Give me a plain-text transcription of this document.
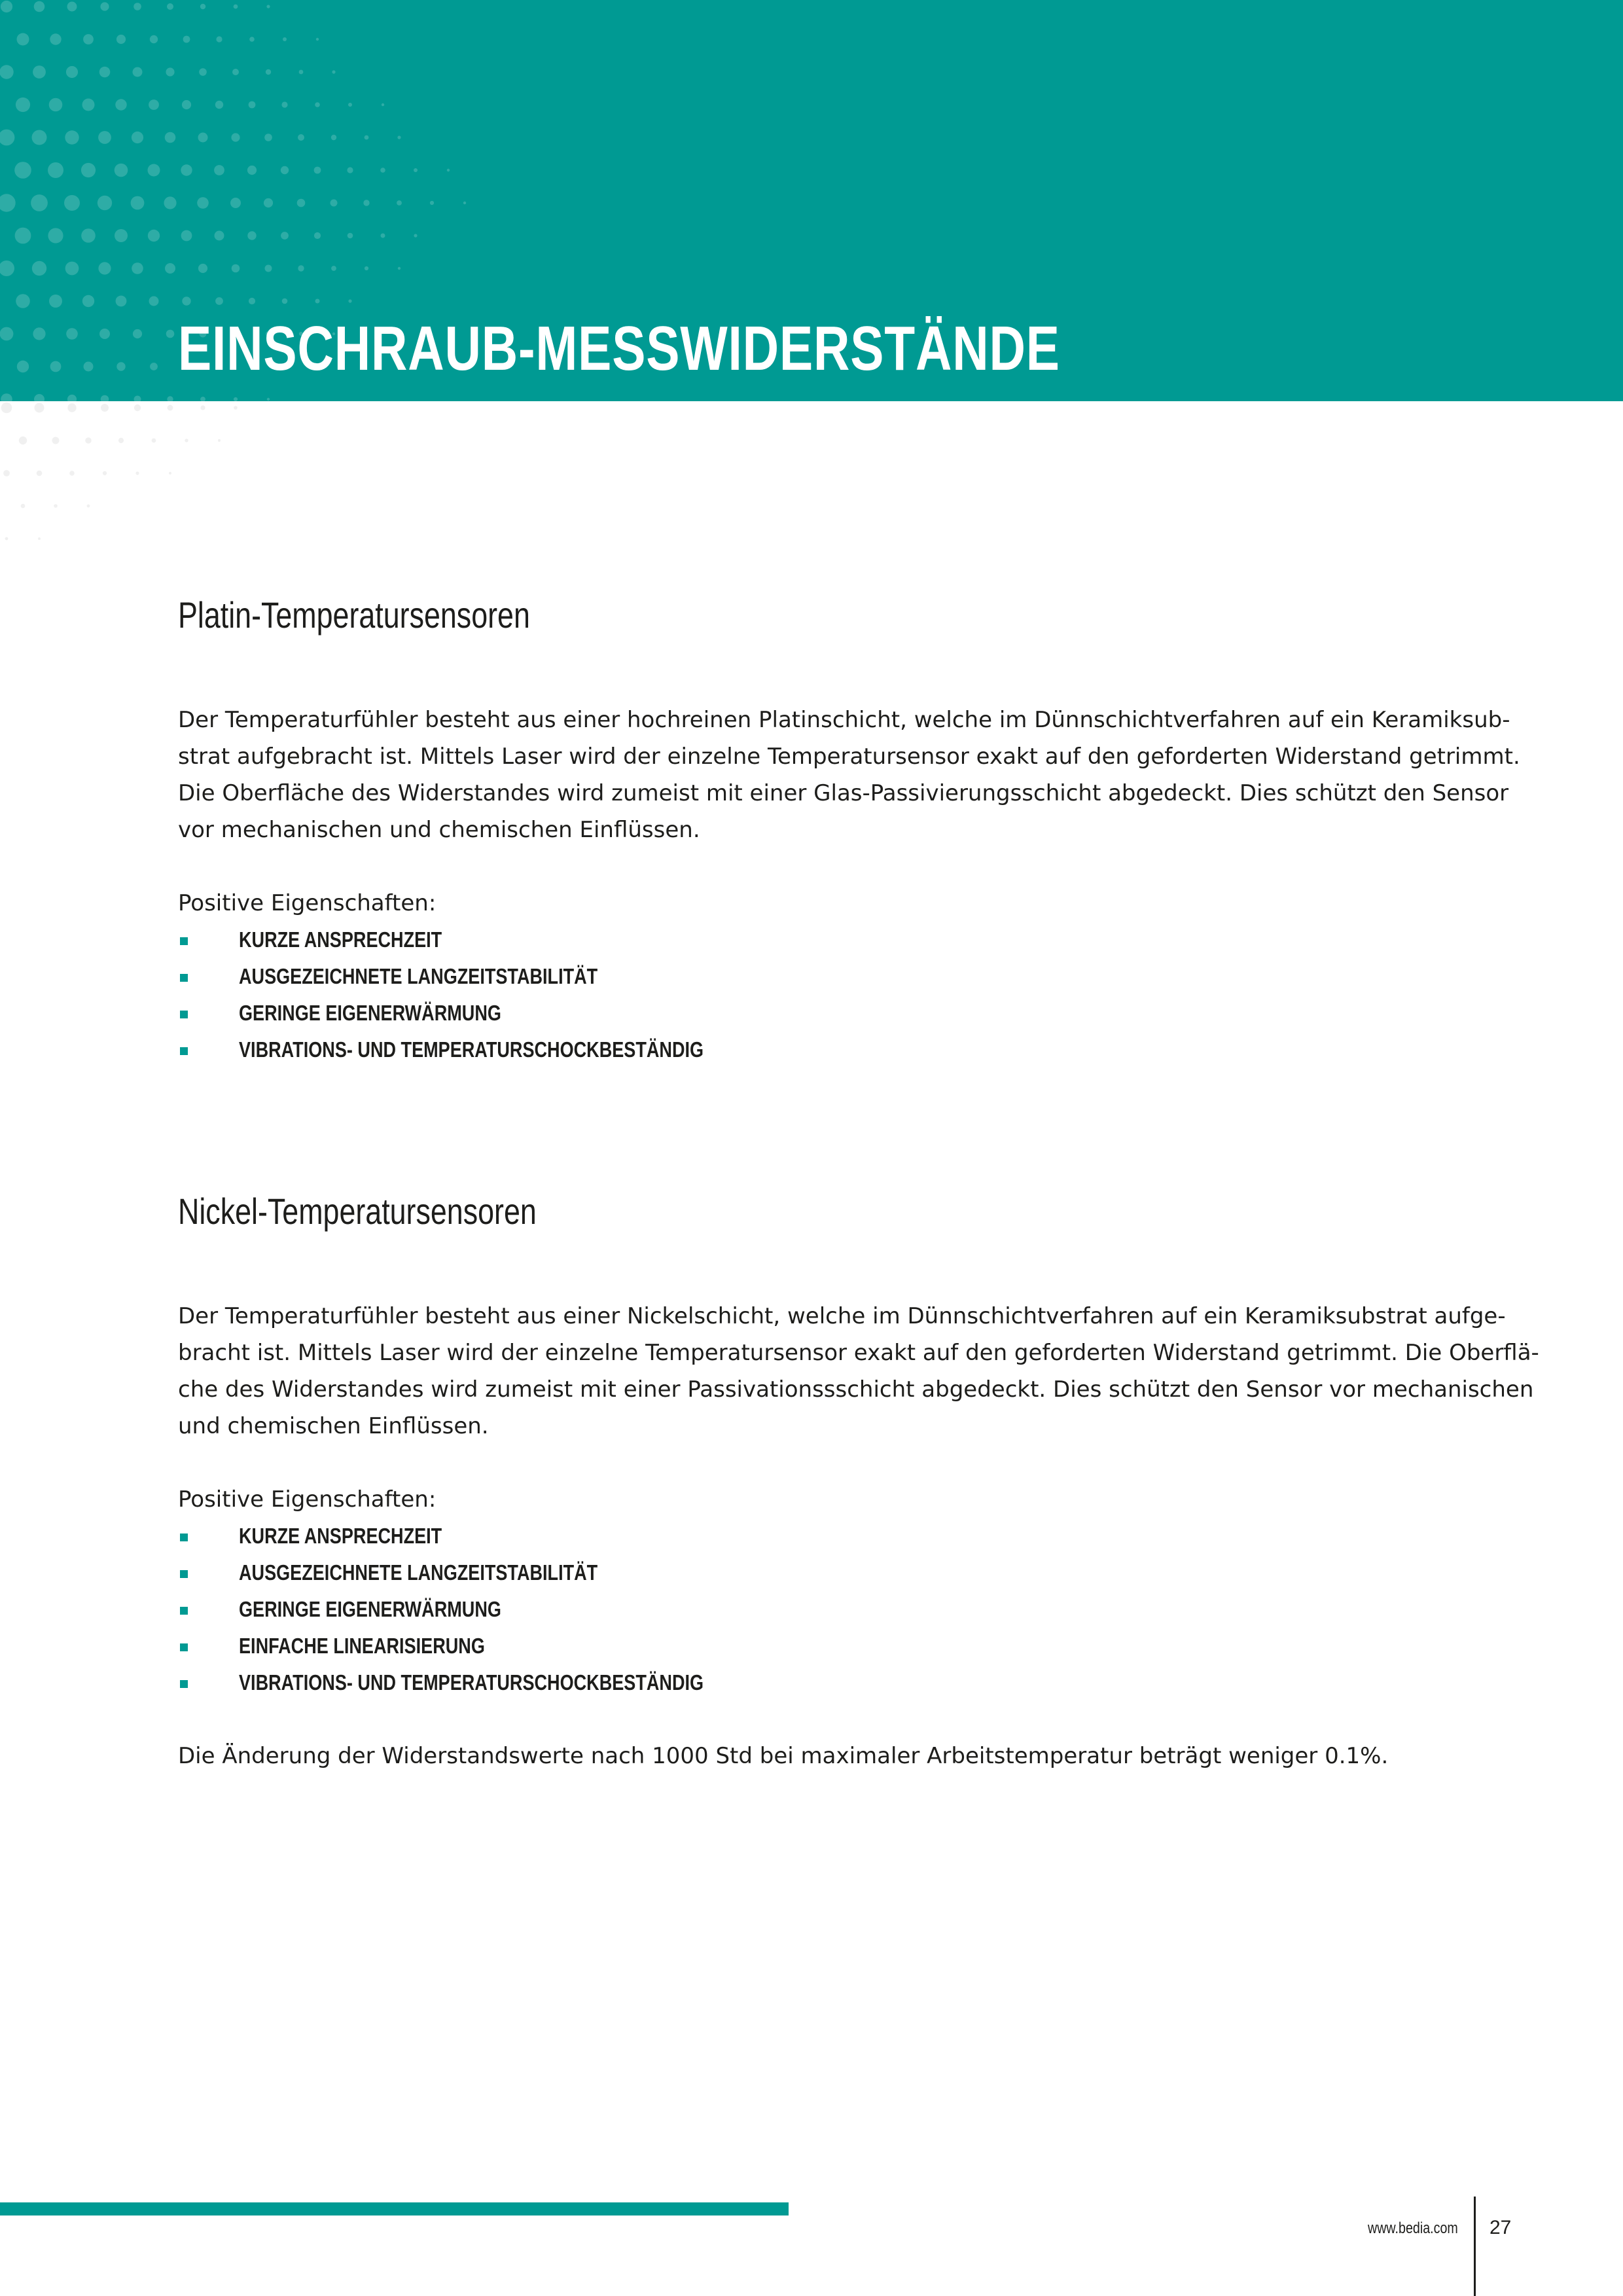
EINSCHRAUB-MESSWIDERSTÄNDE
Platin-Temperatursensoren

Der Temperaturfühler besteht aus einer hochreinen Platinschicht, welche im Dünnschichtverfahren auf ein Keramiksub-
strat aufgebracht ist. Mittels Laser wird der einzelne Temperatursensor exakt auf den geforderten Widerstand getrimmt.
Die Oberfläche des Widerstandes wird zumeist mit einer Glas-Passivierungsschicht abgedeckt. Dies schützt den Sensor
vor mechanischen und chemischen Einflüssen.

Positive Eigenschaften:

KURZE ANSPRECHZEIT
AUSGEZEICHNETE LANGZEITSTABILITÄT
GERINGE EIGENERWÄRMUNG
VIBRATIONS- UND TEMPERATURSCHOCKBESTÄNDIG
Nickel-Temperatursensoren

Der Temperaturfühler besteht aus einer Nickelschicht, welche im Dünnschichtverfahren auf ein Keramiksubstrat aufge-
bracht ist. Mittels Laser wird der einzelne Temperatursensor exakt auf den geforderten Widerstand getrimmt. Die Oberflä-
che des Widerstandes wird zumeist mit einer Passivationssschicht abgedeckt. Dies schützt den Sensor vor mechanischen
und chemischen Einflüssen.

Positive Eigenschaften:

KURZE ANSPRECHZEIT
AUSGEZEICHNETE LANGZEITSTABILITÄT
GERINGE EIGENERWÄRMUNG
EINFACHE LINEARISIERUNG
VIBRATIONS- UND TEMPERATURSCHOCKBESTÄNDIG

Die Änderung der Widerstandswerte nach 1000 Std bei maximaler Arbeitstemperatur beträgt weniger 0.1%.

www.bedia.com 27
